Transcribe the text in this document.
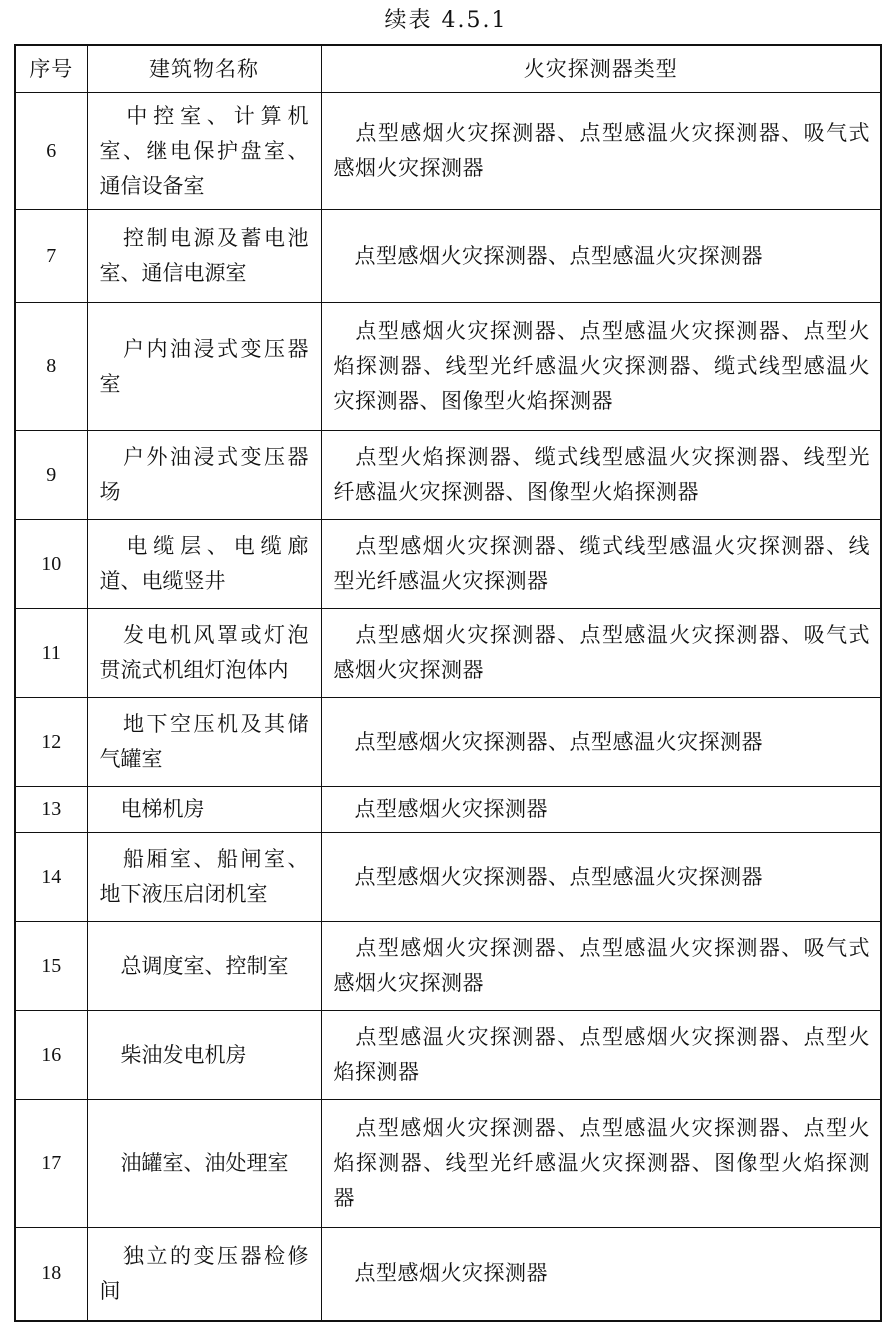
续表 4.5.1
序号	建筑物名称	火灾探测器类型
6	中控室、计算机室、继电保护盘室、通信设备室	点型感烟火灾探测器、点型感温火灾探测器、吸气式感烟火灾探测器
7	控制电源及蓄电池室、通信电源室	点型感烟火灾探测器、点型感温火灾探测器
8	户内油浸式变压器室	点型感烟火灾探测器、点型感温火灾探测器、点型火焰探测器、线型光纤感温火灾探测器、缆式线型感温火灾探测器、图像型火焰探测器
9	户外油浸式变压器场	点型火焰探测器、缆式线型感温火灾探测器、线型光纤感温火灾探测器、图像型火焰探测器
10	电缆层、电缆廊道、电缆竖井	点型感烟火灾探测器、缆式线型感温火灾探测器、线型光纤感温火灾探测器
11	发电机风罩或灯泡贯流式机组灯泡体内	点型感烟火灾探测器、点型感温火灾探测器、吸气式感烟火灾探测器
12	地下空压机及其储气罐室	点型感烟火灾探测器、点型感温火灾探测器
13	电梯机房	点型感烟火灾探测器
14	船厢室、船闸室、地下液压启闭机室	点型感烟火灾探测器、点型感温火灾探测器
15	总调度室、控制室	点型感烟火灾探测器、点型感温火灾探测器、吸气式感烟火灾探测器
16	柴油发电机房	点型感温火灾探测器、点型感烟火灾探测器、点型火焰探测器
17	油罐室、油处理室	点型感烟火灾探测器、点型感温火灾探测器、点型火焰探测器、线型光纤感温火灾探测器、图像型火焰探测器
18	独立的变压器检修间	点型感烟火灾探测器
